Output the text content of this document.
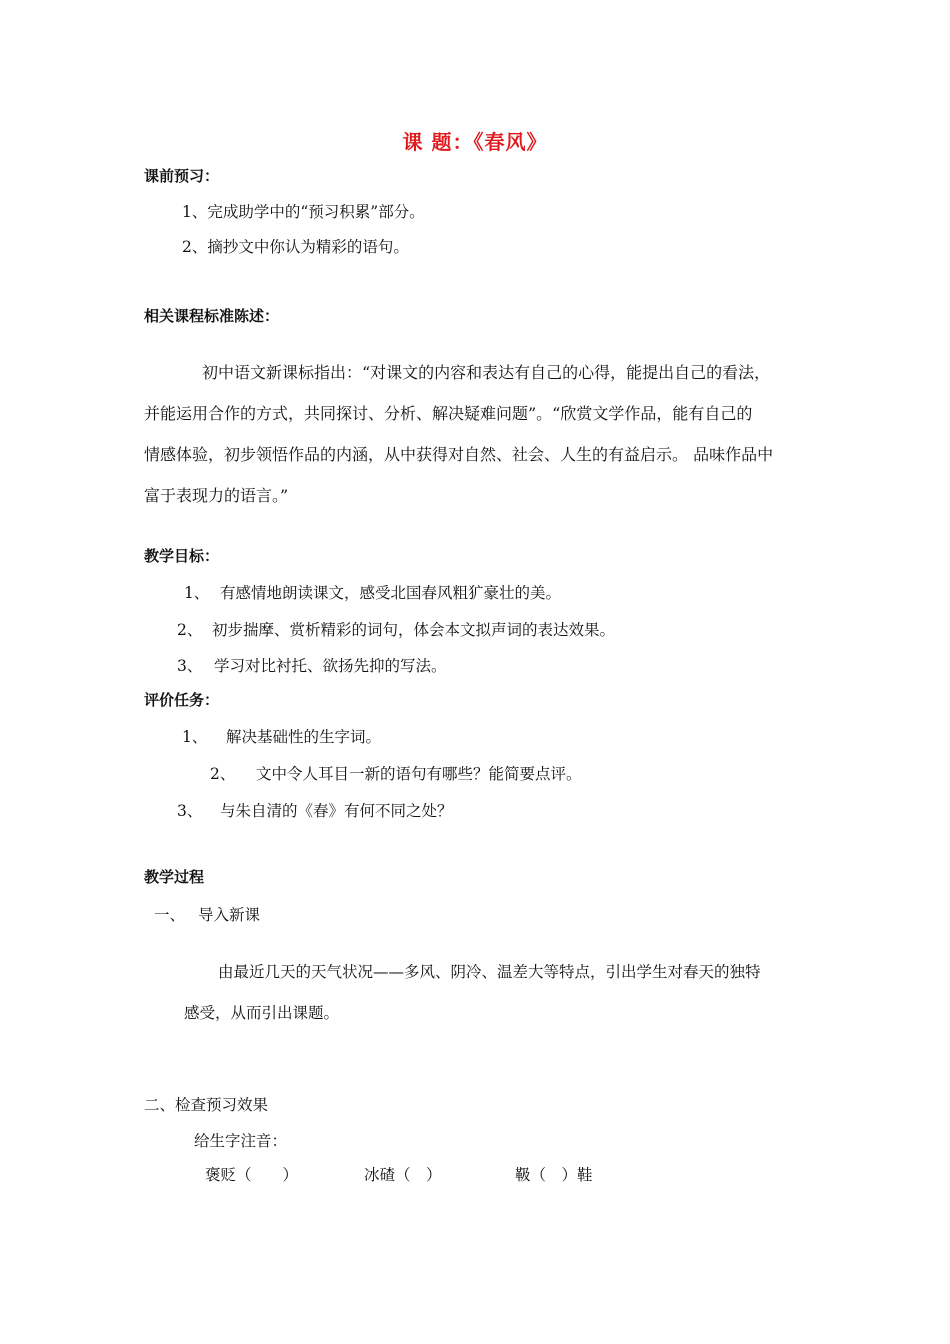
课 题：《春风》
课前预习：
1、完成助学中的“预习积累”部分。
2、摘抄文中你认为精彩的语句。
相关课程标准陈述：

初中语文新课标指出：“对课文的内容和表达有自己的心得，能提出自己的看法，

并能运用合作的方式，共同探讨、分析、解决疑难问题”。“欣赏文学作品，能有自己的

情感体验，初步领悟作品的内涵，从中获得对自然、社会、人生的有益启示。 品味作品中

富于表现力的语言。”

教学目标：
1、 有感情地朗读课文，感受北国春风粗犷豪壮的美。
2、 初步揣摩、赏析精彩的词句，体会本文拟声词的表达效果。
3、 学习对比衬托、欲扬先抑的写法。
评价任务：
1、 解决基础性的生字词。
2、 文中令人耳目一新的语句有哪些？能简要点评。
3、 与朱自清的《春》有何不同之处？
教学过程
一、 导入新课
由最近几天的天气状况——多风、阴冷、温差大等特点，引出学生对春天的独特
感受，从而引出课题。
二、检查预习效果
给生字注音：
褒贬（　　）	冰碴（　）	靸（　）鞋
